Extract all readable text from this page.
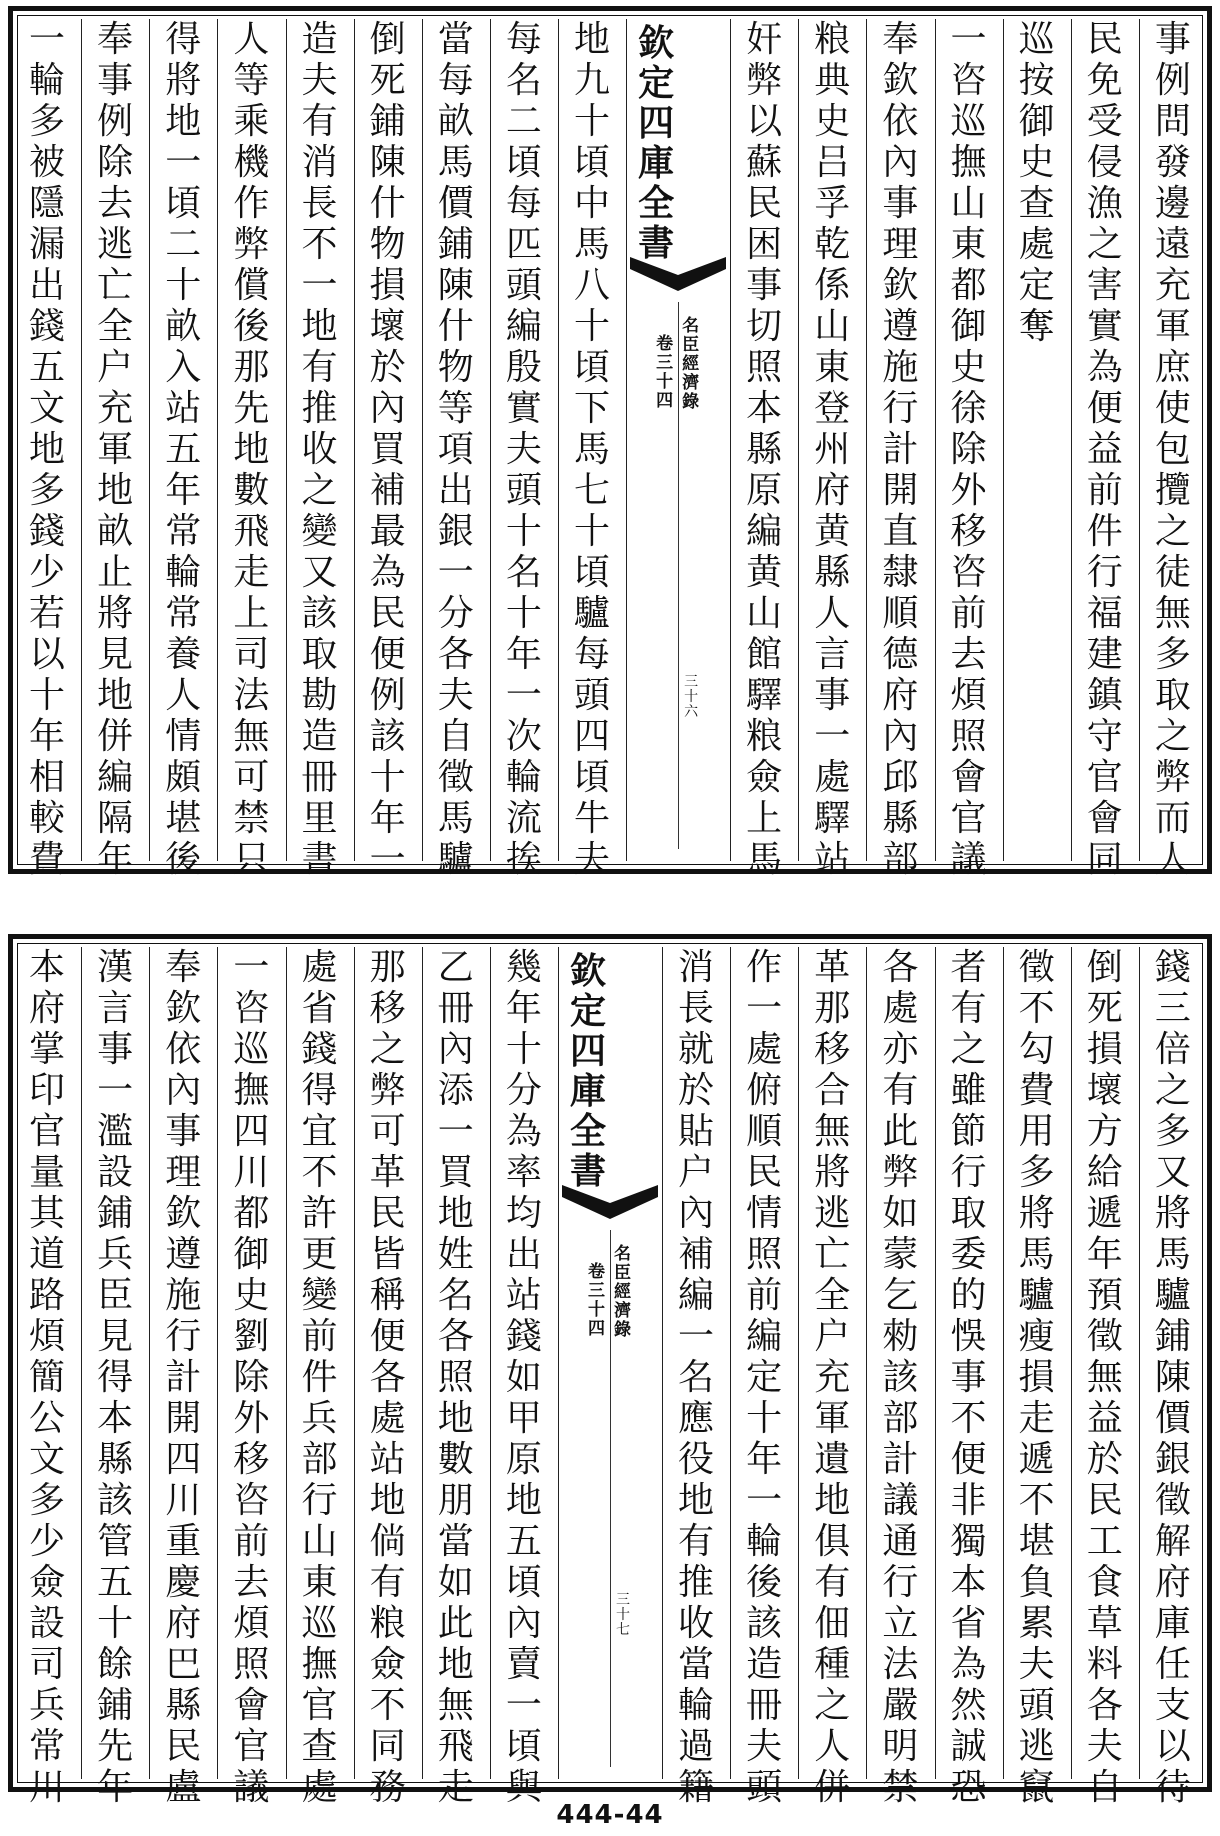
事
例
問
發
邊
遠
充
軍
庶
使
包
攬
之
徒
無
多
取
之
弊
而
人
民
免
受
侵
漁
之
害
實
為
便
益
前
件
行
福
建
鎮
守
官
會
同
巡
按
御
史
查
處
定
奪
一
咨
巡
撫
山
東
都
御
史
徐
除
外
移
咨
前
去
煩
照
會
官
議
奉
欽
依
內
事
理
欽
遵
施
行
計
開
直
隸
順
德
府
內
邱
縣
部
粮
典
史
吕
孚
乾
係
山
東
登
州
府
黄
縣
人
言
事
一
處
驛
站
奸
弊
以
蘇
民
困
事
切
照
本
縣
原
編
黄
山
館
驛
粮
僉
上
馬
欽
定
四
庫
全
書
名
臣
經
濟
錄
卷
三
十
四
三
十
六
地
九
十
頃
中
馬
八
十
頃
下
馬
七
十
頃
驢
每
頭
四
頃
牛
夫
每
名
二
頃
每
匹
頭
編
殷
實
夫
頭
十
名
十
年
一
次
輪
流
挨
當
每
畝
馬
價
鋪
陳
什
物
等
項
出
銀
一
分
各
夫
自
徵
馬
驢
倒
死
鋪
陳
什
物
損
壞
於
內
買
補
最
為
民
便
例
該
十
年
一
造
夫
有
消
長
不
一
地
有
推
收
之
變
又
該
取
勘
造
冊
里
書
人
等
乘
機
作
弊
償
後
那
先
地
數
飛
走
上
司
法
無
可
禁
只
得
將
地
一
頃
二
十
畝
入
站
五
年
常
輪
常
養
人
情
頗
堪
後
奉
事
例
除
去
逃
亡
全
户
充
軍
地
畝
止
將
見
地
併
編
隔
年
一
輪
多
被
隱
漏
出
錢
五
文
地
多
錢
少
若
以
十
年
相
較
費
錢
三
倍
之
多
又
將
馬
驢
鋪
陳
價
銀
徵
解
府
庫
任
支
以
待
倒
死
損
壞
方
給
遞
年
預
徵
無
益
於
民
工
食
草
料
各
夫
自
徵
不
勾
費
用
多
將
馬
驢
瘦
損
走
遞
不
堪
負
累
夫
頭
逃
竄
者
有
之
雖
節
行
取
委
的
悞
事
不
便
非
獨
本
省
為
然
誠
恐
各
處
亦
有
此
弊
如
蒙
乞
勑
該
部
計
議
通
行
立
法
嚴
明
禁
革
那
移
合
無
將
逃
亡
全
户
充
軍
遺
地
俱
有
佃
種
之
人
併
作
一
處
俯
順
民
情
照
前
編
定
十
年
一
輪
後
該
造
冊
夫
頭
消
長
就
於
貼
户
內
補
編
一
名
應
役
地
有
推
收
當
輪
過
籍
欽
定
四
庫
全
書
名
臣
經
濟
錄
卷
三
十
四
三
十
七
幾
年
十
分
為
率
均
出
站
錢
如
甲
原
地
五
頃
內
賣
一
頃
與
乙
冊
內
添
一
買
地
姓
名
各
照
地
數
朋
當
如
此
地
無
飛
走
那
移
之
弊
可
革
民
皆
稱
便
各
處
站
地
倘
有
粮
僉
不
同
務
處
省
錢
得
宜
不
許
更
變
前
件
兵
部
行
山
東
巡
撫
官
查
處
一
咨
巡
撫
四
川
都
御
史
劉
除
外
移
咨
前
去
煩
照
會
官
議
奉
欽
依
內
事
理
欽
遵
施
行
計
開
四
川
重
慶
府
巴
縣
民
盧
漢
言
事
一
濫
設
鋪
兵
臣
見
得
本
縣
該
管
五
十
餘
鋪
先
年
本
府
掌
印
官
量
其
道
路
煩
簡
公
文
多
少
僉
設
司
兵
常
川
444-44
